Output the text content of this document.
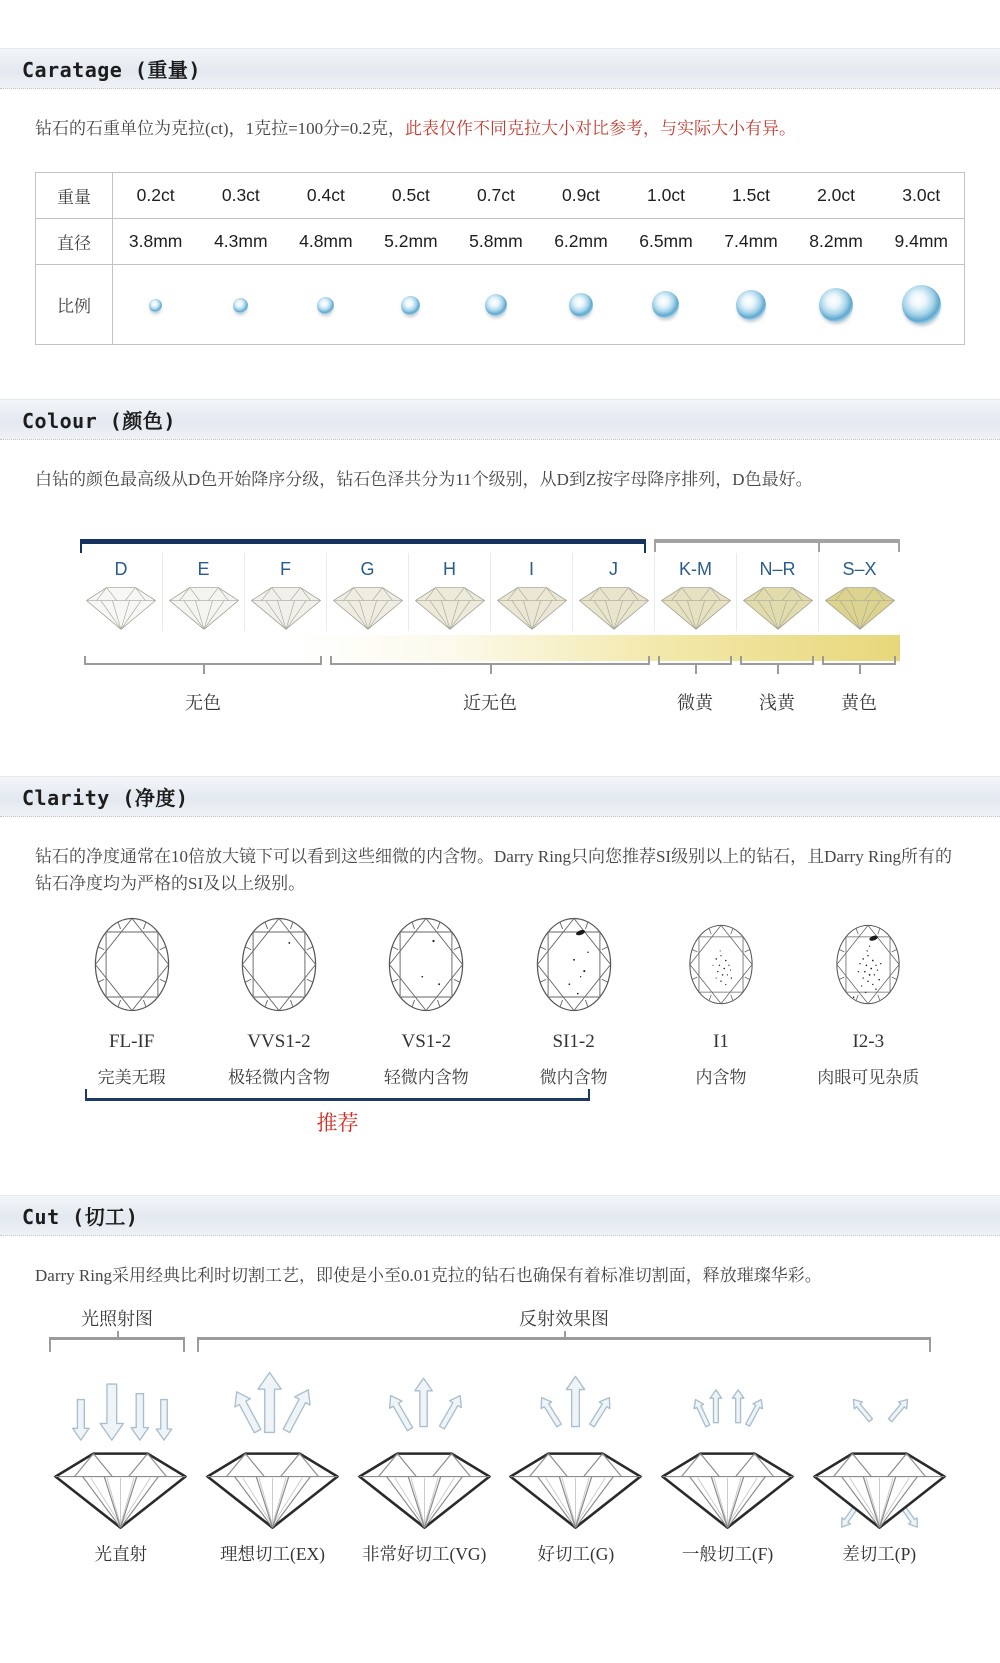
Caratage (重量)

钻石的石重单位为克拉(ct)，1克拉=100分=0.2克，此表仅作不同克拉大小对比参考，与实际大小有异。

重量	0.2ct	0.3ct	0.4ct	0.5ct	0.7ct	0.9ct	1.0ct	1.5ct	2.0ct	3.0ct
直径	3.8mm	4.3mm	4.8mm	5.2mm	5.8mm	6.2mm	6.5mm	7.4mm	8.2mm	9.4mm
比例										
Colour (颜色)

白钻的颜色最高级从D色开始降序分级，钻石色泽共分为11个级别，从D到Z按字母降序排列，D色最好。

D	E	F	G	H	I	J	K-M	N–R	S–X
无色	近无色	微黄	浅黄	黄色
Clarity (净度)

钻石的净度通常在10倍放大镜下可以看到这些细微的内含物。Darry Ring只向您推荐SI级别以上的钻石，且Darry Ring所有的钻石净度均为严格的SI及以上级别。

FL-IF
完美无瑕
VVS1-2
极轻微内含物
VS1-2
轻微内含物
SI1-2
微内含物
I1
内含物
I2-3
肉眼可见杂质
推荐
Cut (切工)

Darry Ring采用经典比利时切割工艺，即使是小至0.01克拉的钻石也确保有着标准切割面，释放璀璨华彩。

光照射图	反射效果图
光直射	理想切工(EX)	非常好切工(VG)	好切工(G)	一般切工(F)	差切工(P)
